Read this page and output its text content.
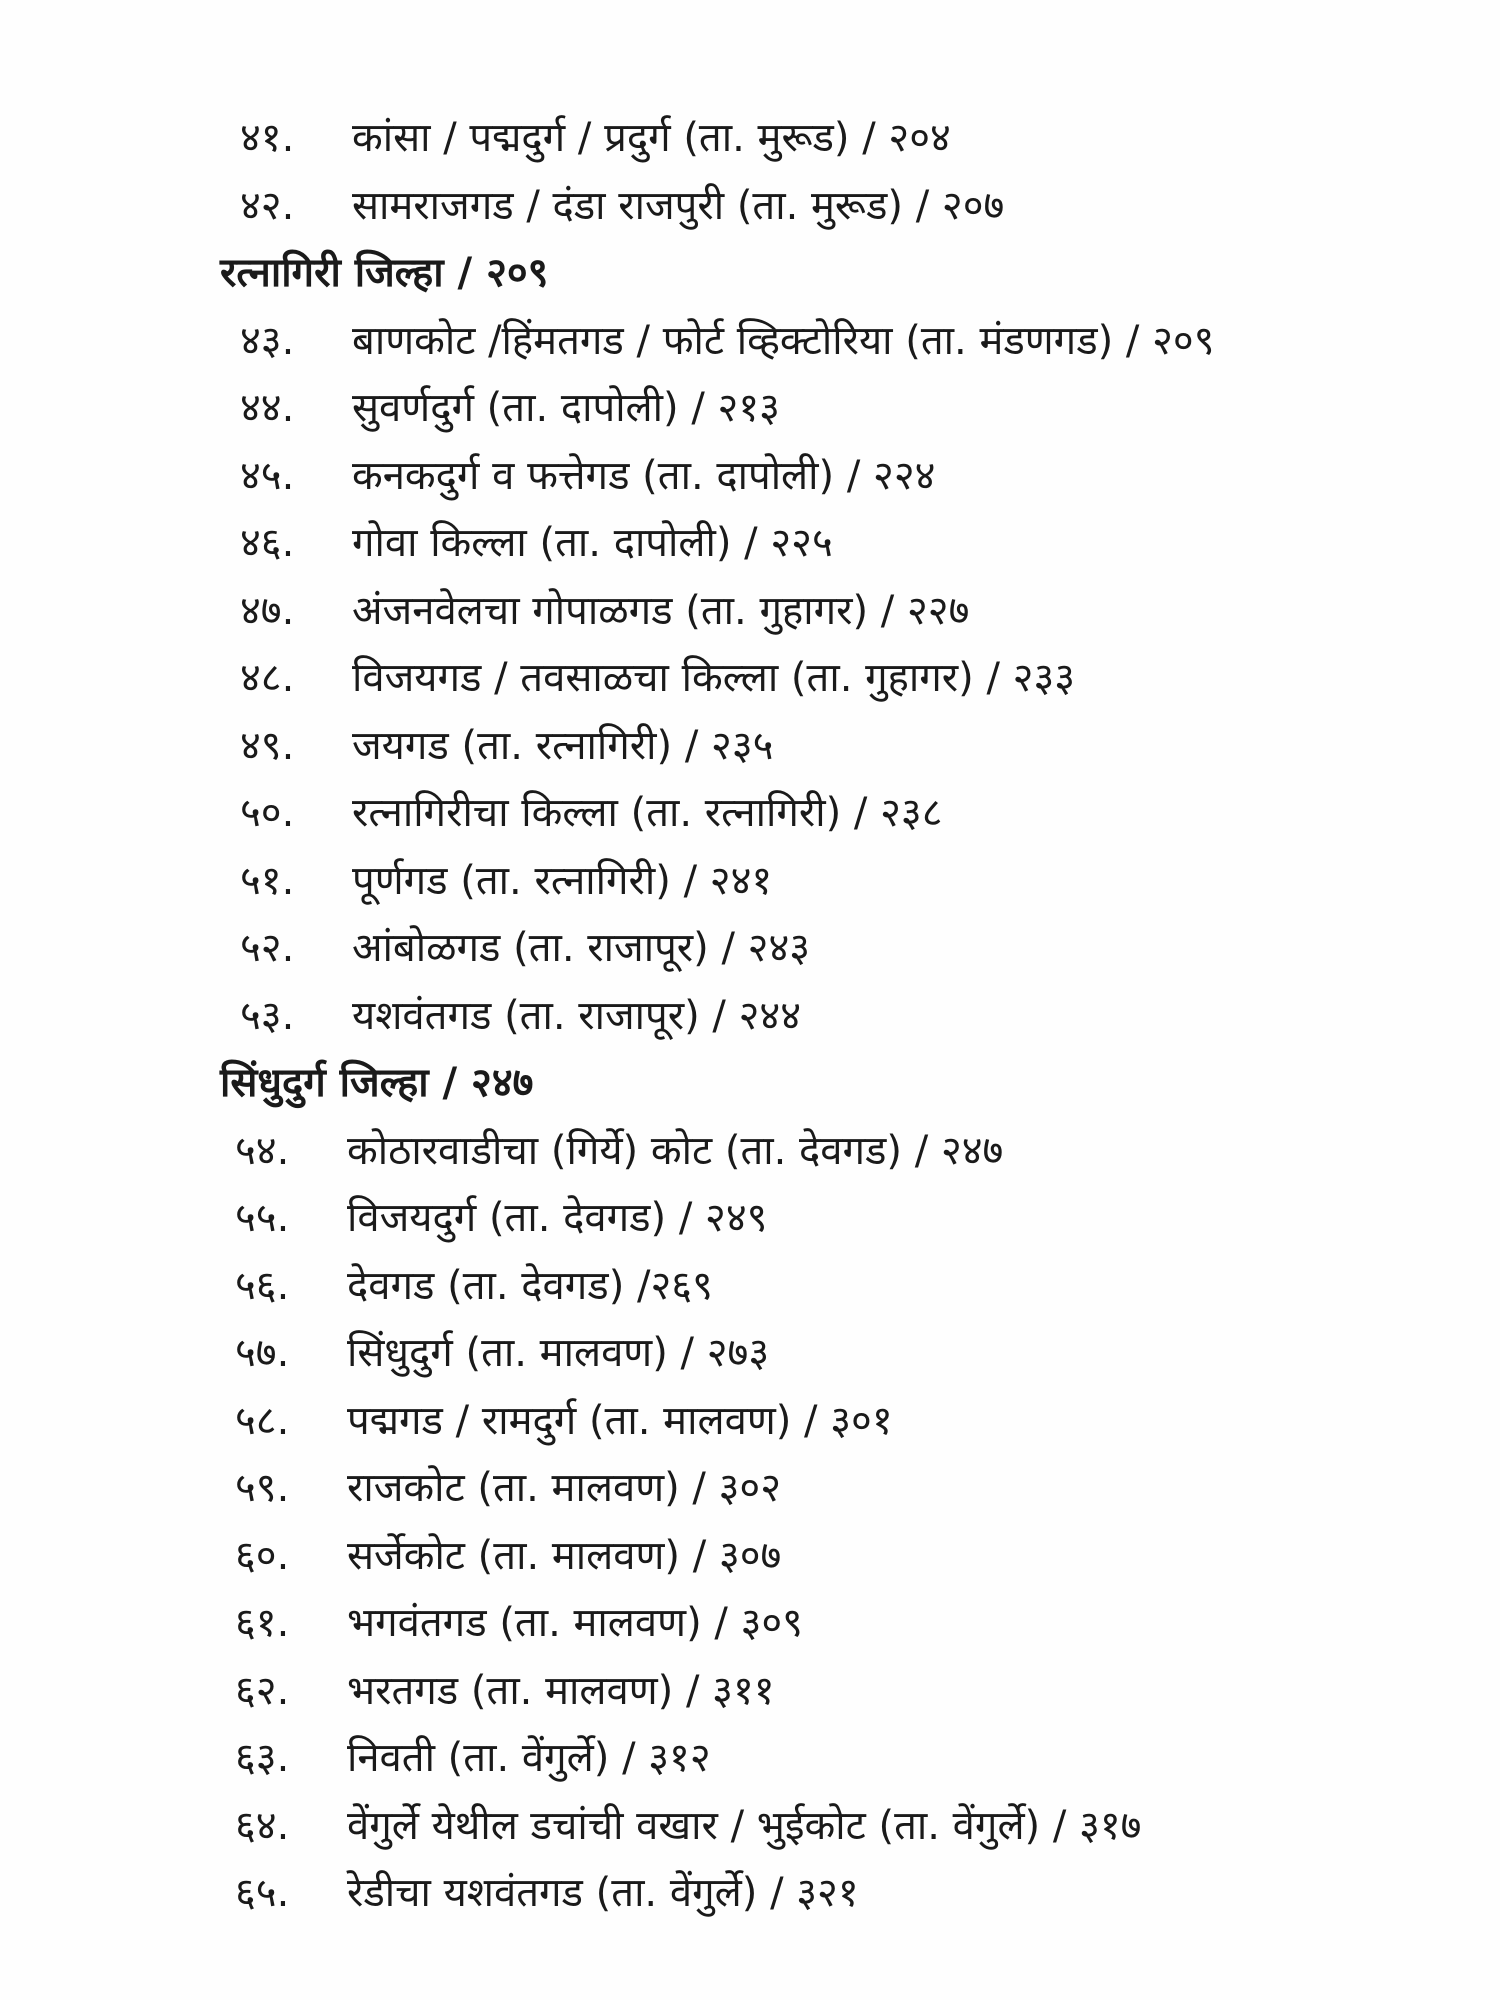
४१. कांसा / पद्मदुर्ग / प्रदुर्ग (ता. मुरूड) / २०४
४२. सामराजगड / दंडा राजपुरी (ता. मुरूड) / २०७
रत्नागिरी जिल्हा / २०९
४३. बाणकोट /हिंमतगड / फोर्ट व्हिक्टोरिया (ता. मंडणगड) / २०९
४४. सुवर्णदुर्ग (ता. दापोली) / २१३
४५. कनकदुर्ग व फत्तेगड (ता. दापोली) / २२४
४६. गोवा किल्ला (ता. दापोली) / २२५
४७. अंजनवेलचा गोपाळगड (ता. गुहागर) / २२७
४८. विजयगड / तवसाळचा किल्ला (ता. गुहागर) / २३३
४९. जयगड (ता. रत्नागिरी) / २३५
५०. रत्नागिरीचा किल्ला (ता. रत्नागिरी) / २३८
५१. पूर्णगड (ता. रत्नागिरी) / २४१
५२. आंबोळगड (ता. राजापूर) / २४३
५३. यशवंतगड (ता. राजापूर) / २४४
सिंधुदुर्ग जिल्हा / २४७
५४. कोठारवाडीचा (गिर्ये) कोट (ता. देवगड) / २४७
५५. विजयदुर्ग (ता. देवगड) / २४९
५६. देवगड (ता. देवगड) /२६९
५७. सिंधुदुर्ग (ता. मालवण) / २७३
५८. पद्मगड / रामदुर्ग (ता. मालवण) / ३०१
५९. राजकोट (ता. मालवण) / ३०२
६०. सर्जेकोट (ता. मालवण) / ३०७
६१. भगवंतगड (ता. मालवण) / ३०९
६२. भरतगड (ता. मालवण) / ३११
६३. निवती (ता. वेंगुर्ले) / ३१२
६४. वेंगुर्ले येथील डचांची वखार / भुईकोट (ता. वेंगुर्ले) / ३१७
६५. रेडीचा यशवंतगड (ता. वेंगुर्ले) / ३२१
